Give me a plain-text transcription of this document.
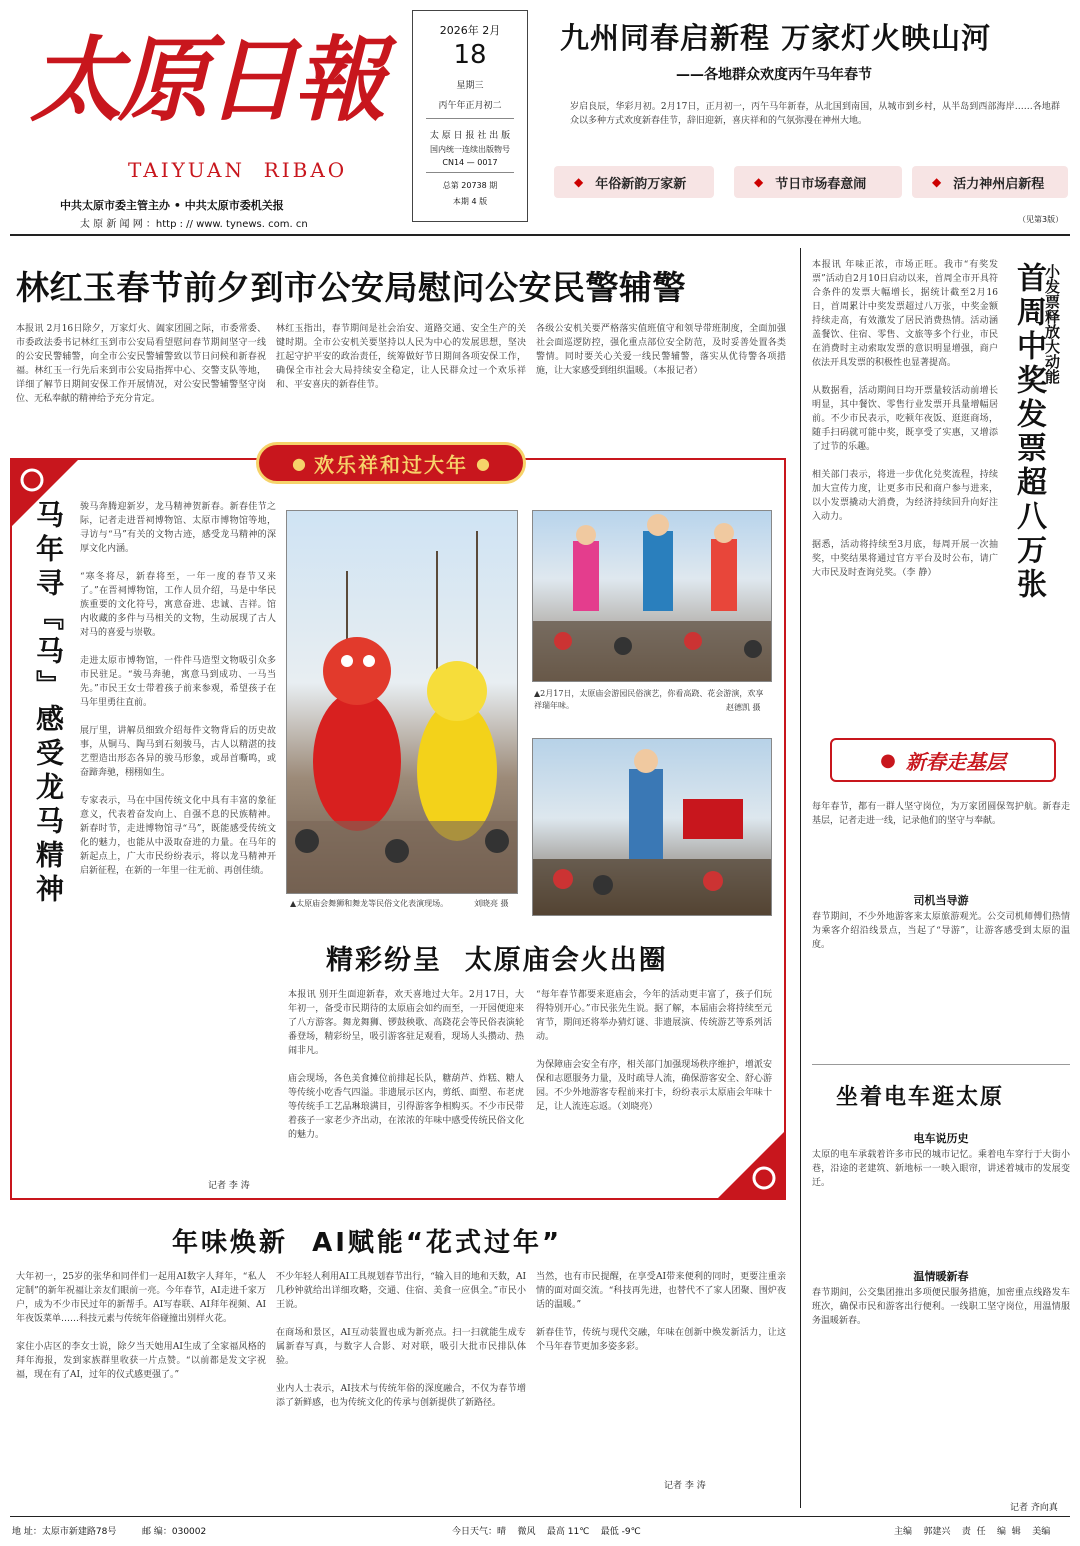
太原日報
TAIYUAN  RIBAO
中共太原市委主管主办 • 中共太原市委机关报
太 原 新 闻 网 ：http : // www. tynews. com. cn
2026年 2月
18
星期三
丙午年正月初二
太 原 日 报 社 出 版
国内统一连续出版物号
CN14 — 0017
总第 20738 期
本期 4 版
九州同春启新程 万家灯火映山河
——各地群众欢度丙午马年春节
岁启良辰，华彩月初。2月17日，正月初一，丙午马年新春，从北国到南国，从城市到乡村，从半岛到西部海岸……各地群众以多种方式欢度新春佳节，辞旧迎新，喜庆祥和的气氛弥漫在神州大地。
◆ 年俗新韵万家新	◆ 节日市场春意闹	◆ 活力神州启新程
（见第3版）
林红玉春节前夕到市公安局慰问公安民警辅警
本报讯 2月16日除夕，万家灯火、阖家团圆之际，市委常委、市委政法委书记林红玉到市公安局看望慰问春节期间坚守一线的公安民警辅警，向全市公安民警辅警致以节日问候和新春祝福。林红玉一行先后来到市公安局指挥中心、交警支队等地，详细了解节日期间安保工作开展情况，对公安民警辅警坚守岗位、无私奉献的精神给予充分肯定。
林红玉指出，春节期间是社会治安、道路交通、安全生产的关键时期。全市公安机关要坚持以人民为中心的发展思想，坚决扛起守护平安的政治责任，统筹做好节日期间各项安保工作，确保全市社会大局持续安全稳定，让人民群众过一个欢乐祥和、平安喜庆的新春佳节。
各级公安机关要严格落实值班值守和领导带班制度，全面加强社会面巡逻防控，强化重点部位安全防范，及时妥善处置各类警情。同时要关心关爱一线民警辅警，落实从优待警各项措施，让大家感受到组织温暖。（本报记者）	小发票释放大动能
首周中奖发票超八万张
本报讯 年味正浓，市场正旺。我市“有奖发票”活动自2月10日启动以来，首周全市开具符合条件的发票大幅增长，据统计截至2月16日，首周累计中奖发票超过八万张，中奖金额持续走高，有效激发了居民消费热情。活动涵盖餐饮、住宿、零售、文旅等多个行业，市民在消费时主动索取发票的意识明显增强，商户依法开具发票的积极性也显著提高。

从数据看，活动期间日均开票量较活动前增长明显，其中餐饮、零售行业发票开具量增幅居前。不少市民表示，吃顿年夜饭、逛逛商场，随手扫码就可能中奖，既享受了实惠，又增添了过节的乐趣。

相关部门表示，将进一步优化兑奖流程，持续加大宣传力度，让更多市民和商户参与进来，以小发票撬动大消费，为经济持续回升向好注入动力。

据悉，活动将持续至3月底，每周开展一次抽奖，中奖结果将通过官方平台及时公布，请广大市民及时查询兑奖。（李 静）
● 欢乐祥和过大年 ●
马年寻『马』感受龙马精神	骏马奔腾迎新岁，龙马精神贺新春。新春佳节之际，记者走进晋祠博物馆、太原市博物馆等地，寻访与“马”有关的文物古迹，感受龙马精神的深厚文化内涵。

“寒冬将尽，新春将至，一年一度的春节又来了。”在晋祠博物馆，工作人员介绍，马是中华民族重要的文化符号，寓意奋进、忠诚、吉祥。馆内收藏的多件与马相关的文物，生动展现了古人对马的喜爱与崇敬。

走进太原市博物馆，一件件马造型文物吸引众多市民驻足。“骏马奔驰，寓意马到成功、一马当先。”市民王女士带着孩子前来参观，希望孩子在马年里勇往直前。

展厅里，讲解员细致介绍每件文物背后的历史故事，从铜马、陶马到石刻骏马，古人以精湛的技艺塑造出形态各异的骏马形象，或昂首嘶鸣，或奋蹄奔驰，栩栩如生。

专家表示，马在中国传统文化中具有丰富的象征意义，代表着奋发向上、自强不息的民族精神。新春时节，走进博物馆寻“马”，既能感受传统文化的魅力，也能从中汲取奋进的力量。在马年的新起点上，广大市民纷纷表示，将以龙马精神开启新征程，在新的一年里一往无前、再创佳绩。
记者 李 涛
▲太原庙会舞狮和舞龙等民俗文化表演现场。	刘晓亮 摄
▲2月17日，太原庙会游园民俗演艺，你看高跷、花会游演，欢享祥瑞年味。	赵德凯 摄
精彩纷呈  太原庙会火出圈
本报讯 别开生面迎新春，欢天喜地过大年。2月17日，大年初一，备受市民期待的太原庙会如约而至，一开园便迎来了八方游客。舞龙舞狮、锣鼓秧歌、高跷花会等民俗表演轮番登场，精彩纷呈，吸引游客驻足观看，现场人头攒动、热闹非凡。

庙会现场，各色美食摊位前排起长队，糖葫芦、炸糕、糖人等传统小吃香气四溢。非遗展示区内，剪纸、面塑、布老虎等传统手工艺品琳琅满目，引得游客争相购买。不少市民带着孩子一家老少齐出动，在浓浓的年味中感受传统民俗文化的魅力。
“每年春节都要来逛庙会，今年的活动更丰富了，孩子们玩得特别开心。”市民张先生说。据了解，本届庙会将持续至元宵节，期间还将举办猜灯谜、非遗展演、传统游艺等系列活动。

为保障庙会安全有序，相关部门加强现场秩序维护，增派安保和志愿服务力量，及时疏导人流，确保游客安全、舒心游园。不少外地游客专程前来打卡，纷纷表示太原庙会年味十足，让人流连忘返。（刘晓亮）
年味焕新  AI赋能“花式过年”
大年初一，25岁的张华和同伴们一起用AI数字人拜年，“私人定制”的新年祝福让亲友们眼前一亮。今年春节，AI走进千家万户，成为不少市民过年的新帮手。AI写春联、AI拜年视频、AI年夜饭菜单……科技元素与传统年俗碰撞出别样火花。

家住小店区的李女士说，除夕当天她用AI生成了全家福风格的拜年海报，发到家族群里收获一片点赞。“以前都是发文字祝福，现在有了AI，过年的仪式感更强了。”
不少年轻人利用AI工具规划春节出行，“输入目的地和天数，AI几秒钟就给出详细攻略，交通、住宿、美食一应俱全。”市民小王说。

在商场和景区，AI互动装置也成为新亮点。扫一扫就能生成专属新春写真，与数字人合影、对对联，吸引大批市民排队体验。

业内人士表示，AI技术与传统年俗的深度融合，不仅为春节增添了新鲜感，也为传统文化的传承与创新提供了新路径。
当然，也有市民提醒，在享受AI带来便利的同时，更要注重亲情的面对面交流。“科技再先进，也替代不了家人团聚、围炉夜话的温暖。”

新春佳节，传统与现代交融，年味在创新中焕发新活力，让这个马年春节更加多姿多彩。
记者 李 涛
● 新春走基层
每年春节，都有一群人坚守岗位，为万家团圆保驾护航。新春走基层，记者走进一线，记录他们的坚守与奉献。
司机当导游
春节期间，不少外地游客来太原旅游观光。公交司机师傅们热情为乘客介绍沿线景点，当起了“导游”，让游客感受到太原的温度。
坐着电车逛太原
电车说历史
太原的电车承载着许多市民的城市记忆。乘着电车穿行于大街小巷，沿途的老建筑、新地标一一映入眼帘，讲述着城市的发展变迁。
温情暖新春
春节期间，公交集团推出多项便民服务措施，加密重点线路发车班次，确保市民和游客出行便利。一线职工坚守岗位，用温情服务温暖新春。
记者 齐向真
地 址：太原市新建路78号	邮 编：030002	今日天气：晴    微风    最高 11℃    最低 -9℃	主编    郭建兴    责  任    编  辑    美编
